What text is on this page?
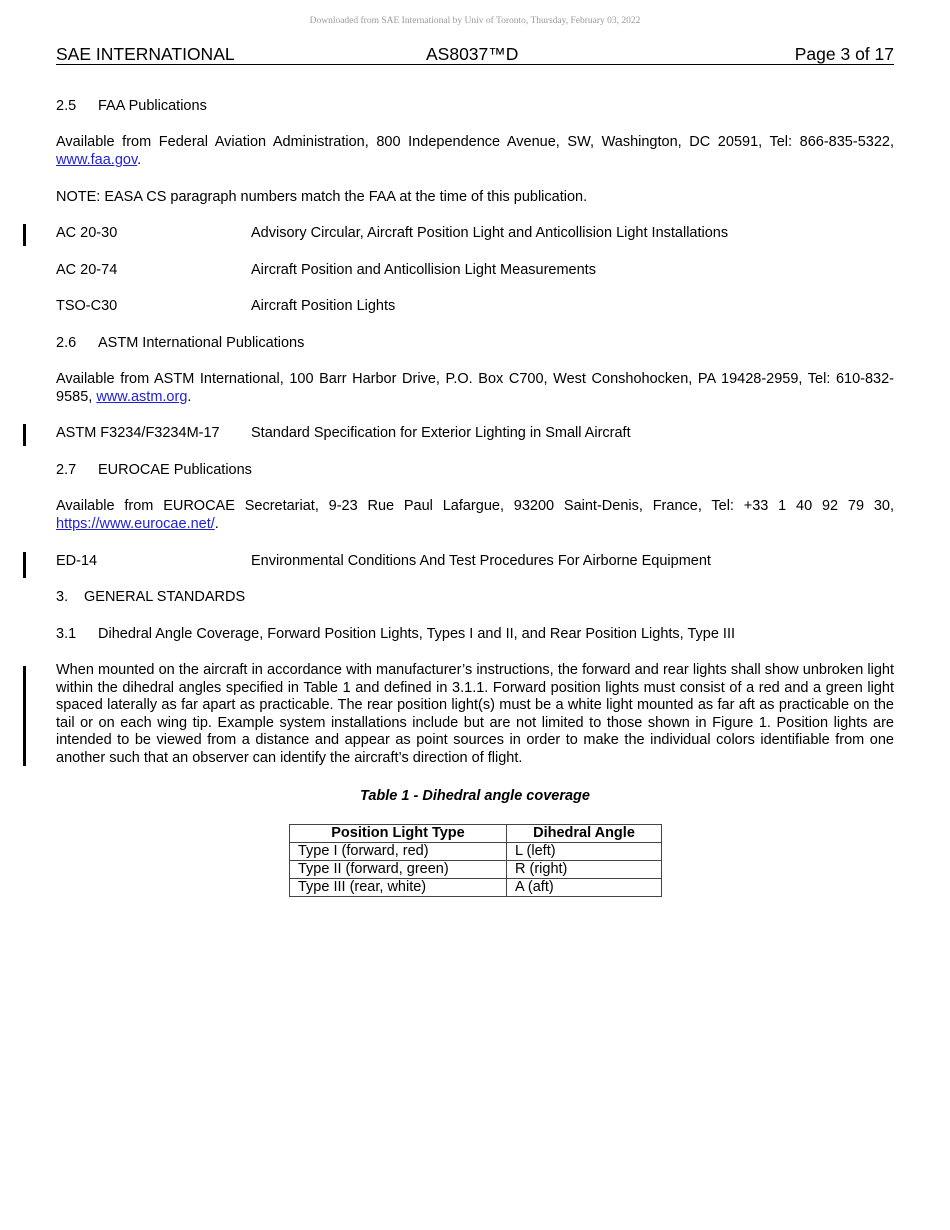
Downloaded from SAE International by Univ of Toronto, Thursday, February 03, 2022
SAE INTERNATIONAL	AS8037™D	Page 3 of 17
2.5 FAA Publications
Available from Federal Aviation Administration, 800 Independence Avenue, SW, Washington, DC 20591, Tel: 866-835-5322, www.faa.gov.
NOTE: EASA CS paragraph numbers match the FAA at the time of this publication.
AC 20-30	Advisory Circular, Aircraft Position Light and Anticollision Light Installations
AC 20-74	Aircraft Position and Anticollision Light Measurements
TSO-C30	Aircraft Position Lights
2.6 ASTM International Publications
Available from ASTM International, 100 Barr Harbor Drive, P.O. Box C700, West Conshohocken, PA 19428-2959, Tel: 610-832-9585, www.astm.org.
ASTM F3234/F3234M-17 Standard Specification for Exterior Lighting in Small Aircraft
2.7 EUROCAE Publications
Available from EUROCAE Secretariat, 9-23 Rue Paul Lafargue, 93200 Saint-Denis, France, Tel: +33 1 40 92 79 30, https://www.eurocae.net/.
ED-14	Environmental Conditions And Test Procedures For Airborne Equipment
3. GENERAL STANDARDS
3.1 Dihedral Angle Coverage, Forward Position Lights, Types I and II, and Rear Position Lights, Type III
When mounted on the aircraft in accordance with manufacturer’s instructions, the forward and rear lights shall show unbroken light within the dihedral angles specified in Table 1 and defined in 3.1.1. Forward position lights must consist of a red and a green light spaced laterally as far apart as practicable. The rear position light(s) must be a white light mounted as far aft as practicable on the tail or on each wing tip. Example system installations include but are not limited to those shown in Figure 1. Position lights are intended to be viewed from a distance and appear as point sources in order to make the individual colors identifiable from one another such that an observer can identify the aircraft’s direction of flight.
Table 1 - Dihedral angle coverage
Position Light Type	Dihedral Angle
Type I (forward, red)	L (left)
Type II (forward, green)	R (right)
Type III (rear, white)	A (aft)
